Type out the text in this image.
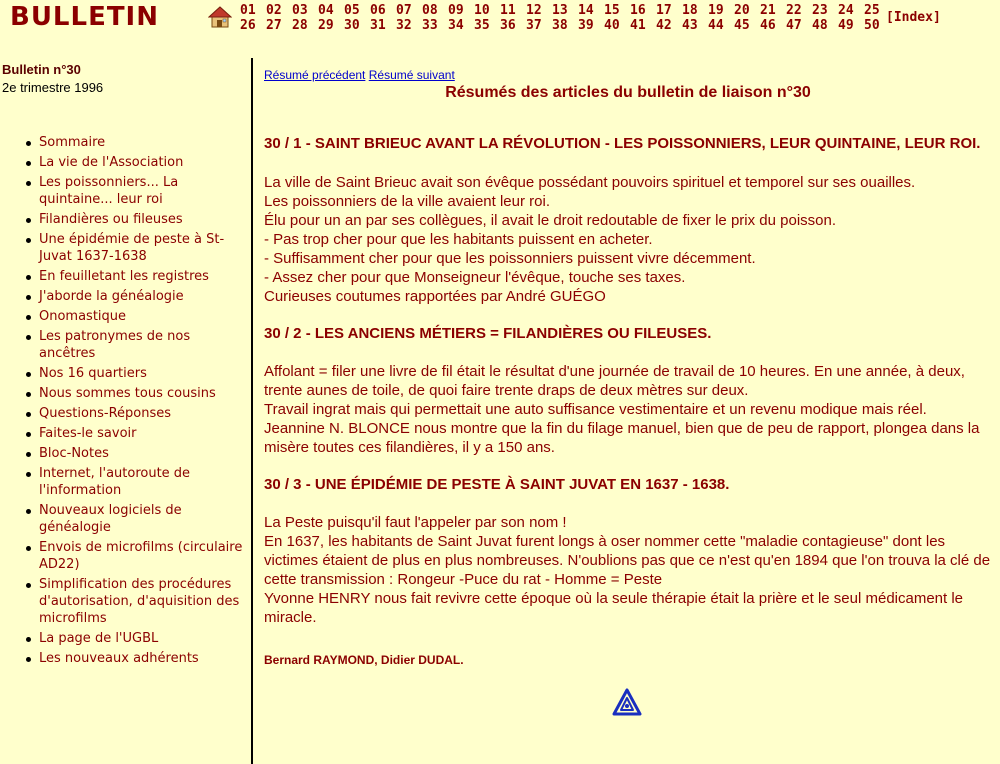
BULLETIN	01 02 03 04 05 06 07 08 09 10 11 12 13 14 15 16 17 18 19 20 21 22 23 24 25
26 27 28 29 30 31 32 33 34 35 36 37 38 39 40 41 42 43 44 45 46 47 48 49 50
[Index]
Bulletin n°30
2e trimestre 1996
Sommaire
La vie de l'Association
Les poissonniers... La quintaine... leur roi
Filandières ou fileuses
Une épidémie de peste à St-Juvat 1637-1638
En feuilletant les registres
J'aborde la généalogie
Onomastique
Les patronymes de nos ancêtres
Nos 16 quartiers
Nous sommes tous cousins
Questions-Réponses
Faites-le savoir
Bloc-Notes
Internet, l'autoroute de l'information
Nouveaux logiciels de généalogie
Envois de microfilms (circulaire AD22)
Simplification des procédures d'autorisation, d'aquisition des microfilms
La page de l'UGBL
Les nouveaux adhérents
Résumé précédent Résumé suivant
Résumés des articles du bulletin de liaison n°30

30 / 1 - SAINT BRIEUC AVANT LA RÉVOLUTION - LES POISSONNIERS, LEUR QUINTAINE, LEUR ROI.

La ville de Saint Brieuc avait son évêque possédant pouvoirs spirituel et temporel sur ses ouailles.

Les poissonniers de la ville avaient leur roi.

Élu pour un an par ses collègues, il avait le droit redoutable de fixer le prix du poisson.

- Pas trop cher pour que les habitants puissent en acheter.

- Suffisamment cher pour que les poissonniers puissent vivre décemment.

- Assez cher pour que Monseigneur l'évêque, touche ses taxes.

Curieuses coutumes rapportées par André GUÉGO

30 / 2 - LES ANCIENS MÉTIERS = FILANDIÈRES OU FILEUSES.

Affolant = filer une livre de fil était le résultat d'une journée de travail de 10 heures. En une année, à deux, trente aunes de toile, de quoi faire trente draps de deux mètres sur deux.

Travail ingrat mais qui permettait une auto suffisance vestimentaire et un revenu modique mais réel.

Jeannine N. BLONCE nous montre que la fin du filage manuel, bien que de peu de rapport, plongea dans la misère toutes ces filandières, il y a 150 ans.

30 / 3 - UNE ÉPIDÉMIE DE PESTE À SAINT JUVAT EN 1637 - 1638.

La Peste puisqu'il faut l'appeler par son nom !

En 1637, les habitants de Saint Juvat furent longs à oser nommer cette "maladie contagieuse" dont les victimes étaient de plus en plus nombreuses. N'oublions pas que ce n'est qu'en 1894 que l'on trouva la clé de cette transmission : Rongeur -Puce du rat - Homme = Peste

Yvonne HENRY nous fait revivre cette époque où la seule thérapie était la prière et le seul médicament le miracle.

Bernard RAYMOND, Didier DUDAL.
